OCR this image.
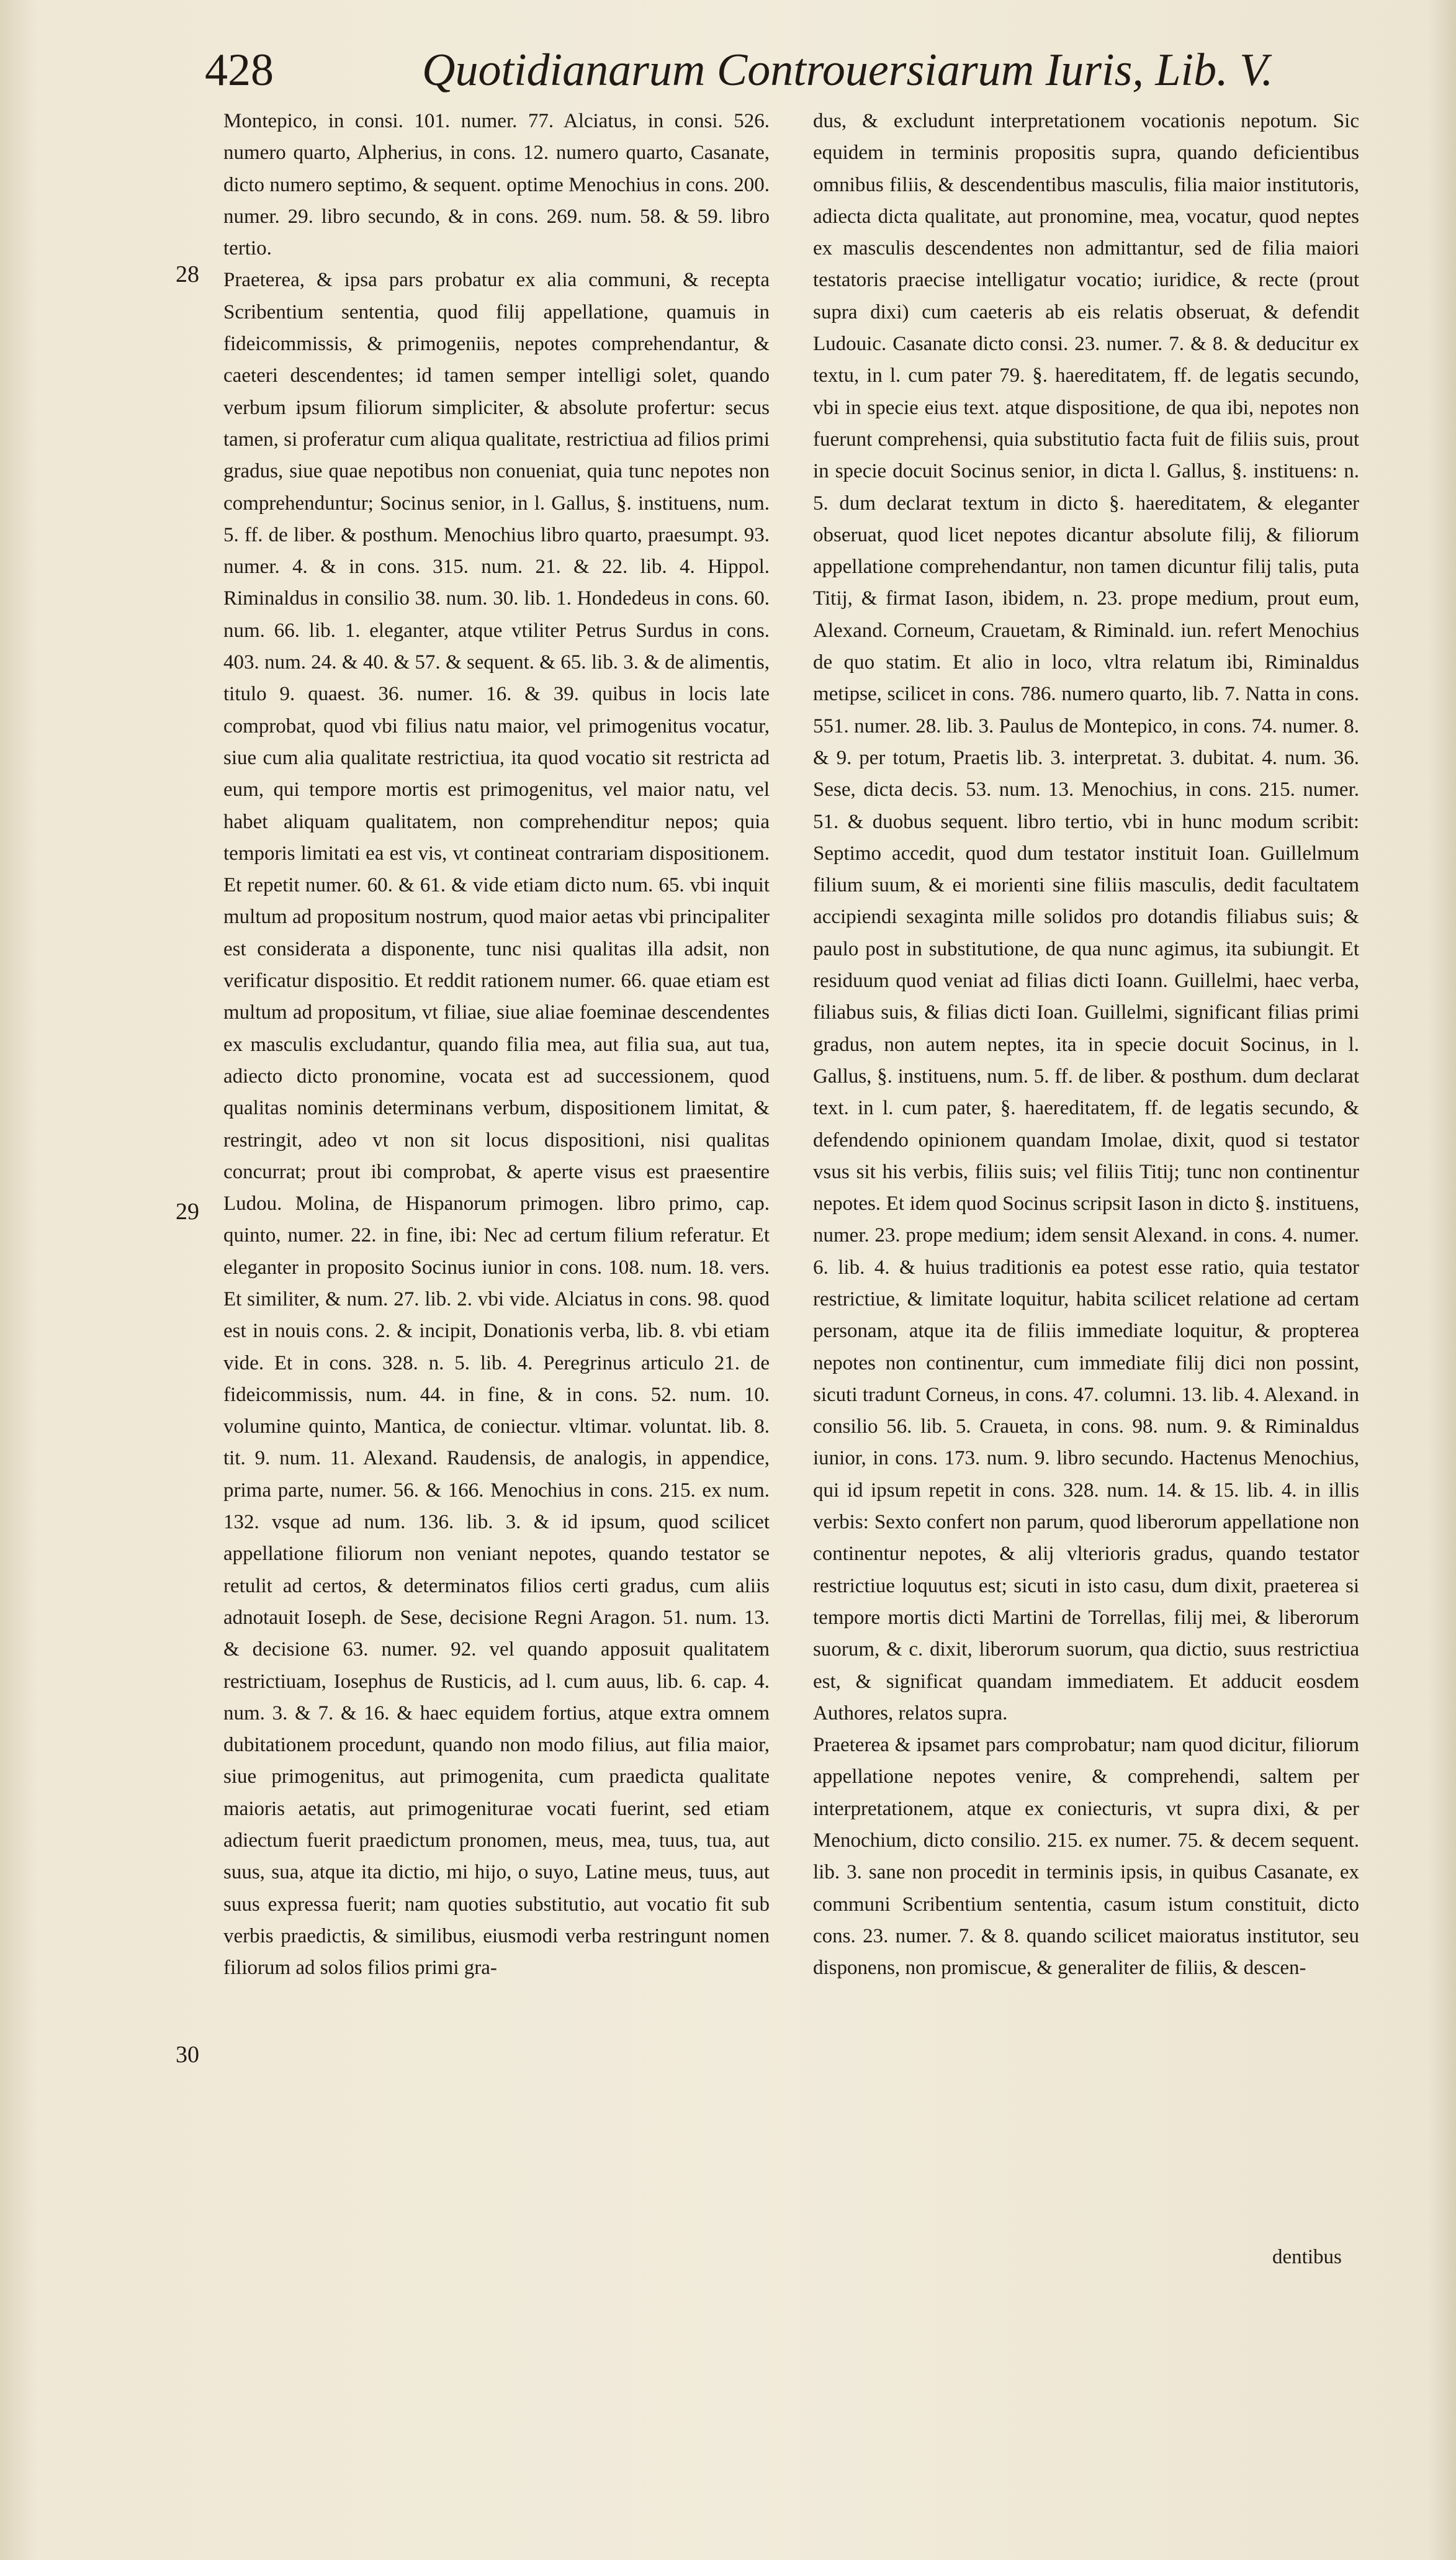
428	Quotidianarum Controuersiarum Iuris, Lib. V.
28
29
30

Montepico, in consi. 101. numer. 77. Alciatus, in consi. 526. numero quarto, Alpherius, in cons. 12. numero quarto, Casanate, dicto numero septimo, & sequent. optime Menochius in cons. 200. numer. 29. libro secundo, & in cons. 269. num. 58. & 59. libro tertio.

Praeterea, & ipsa pars probatur ex alia communi, & recepta Scribentium sententia, quod filij appellatione, quamuis in fideicommissis, & primogeniis, nepotes comprehendantur, & caeteri descendentes; id tamen semper intelligi solet, quando verbum ipsum filiorum simpliciter, & absolute profertur: secus tamen, si proferatur cum aliqua qualitate, restrictiua ad filios primi gradus, siue quae nepotibus non conueniat, quia tunc nepotes non comprehenduntur; Socinus senior, in l. Gallus, §. instituens, num. 5. ff. de liber. & posthum. Menochius libro quarto, praesumpt. 93. numer. 4. & in cons. 315. num. 21. & 22. lib. 4. Hippol. Riminaldus in consilio 38. num. 30. lib. 1. Hondedeus in cons. 60. num. 66. lib. 1. eleganter, atque vtiliter Petrus Surdus in cons. 403. num. 24. & 40. & 57. & sequent. & 65. lib. 3. & de alimentis, titulo 9. quaest. 36. numer. 16. & 39. quibus in locis late comprobat, quod vbi filius natu maior, vel primogenitus vocatur, siue cum alia qualitate restrictiua, ita quod vocatio sit restricta ad eum, qui tempore mortis est primogenitus, vel maior natu, vel habet aliquam qualitatem, non comprehenditur nepos; quia temporis limitati ea est vis, vt contineat contrariam dispositionem. Et repetit numer. 60. & 61. & vide etiam dicto num. 65. vbi inquit multum ad propositum nostrum, quod maior aetas vbi principaliter est considerata a disponente, tunc nisi qualitas illa adsit, non verificatur dispositio. Et reddit rationem numer. 66. quae etiam est multum ad propositum, vt filiae, siue aliae foeminae descendentes ex masculis excludantur, quando filia mea, aut filia sua, aut tua, adiecto dicto pronomine, vocata est ad successionem, quod qualitas nominis determinans verbum, dispositionem limitat, & restringit, adeo vt non sit locus dispositioni, nisi qualitas concurrat; prout ibi comprobat, & aperte visus est praesentire Ludou. Molina, de Hispanorum primogen. libro primo, cap. quinto, numer. 22. in fine, ibi: Nec ad certum filium referatur. Et eleganter in proposito Socinus iunior in cons. 108. num. 18. vers. Et similiter, & num. 27. lib. 2. vbi vide. Alciatus in cons. 98. quod est in nouis cons. 2. & incipit, Donationis verba, lib. 8. vbi etiam vide. Et in cons. 328. n. 5. lib. 4. Peregrinus articulo 21. de fideicommissis, num. 44. in fine, & in cons. 52. num. 10. volumine quinto, Mantica, de coniectur. vltimar. voluntat. lib. 8. tit. 9. num. 11. Alexand. Raudensis, de analogis, in appendice, prima parte, numer. 56. & 166. Menochius in cons. 215. ex num. 132. vsque ad num. 136. lib. 3. & id ipsum, quod scilicet appellatione filiorum non veniant nepotes, quando testator se retulit ad certos, & determinatos filios certi gradus, cum aliis adnotauit Ioseph. de Sese, decisione Regni Aragon. 51. num. 13. & decisione 63. numer. 92. vel quando apposuit qualitatem restrictiuam, Iosephus de Rusticis, ad l. cum auus, lib. 6. cap. 4. num. 3. & 7. & 16. & haec equidem fortius, atque extra omnem dubitationem procedunt, quando non modo filius, aut filia maior, siue primogenitus, aut primogenita, cum praedicta qualitate maioris aetatis, aut primogeniturae vocati fuerint, sed etiam adiectum fuerit praedictum pronomen, meus, mea, tuus, tua, aut suus, sua, atque ita dictio, mi hijo, o suyo, Latine meus, tuus, aut suus expressa fuerit; nam quoties substitutio, aut vocatio fit sub verbis praedictis, & similibus, eiusmodi verba restringunt nomen filiorum ad solos filios primi gra-

dus, & excludunt interpretationem vocationis nepotum. Sic equidem in terminis propositis supra, quando deficientibus omnibus filiis, & descendentibus masculis, filia maior institutoris, adiecta dicta qualitate, aut pronomine, mea, vocatur, quod neptes ex masculis descendentes non admittantur, sed de filia maiori testatoris praecise intelligatur vocatio; iuridice, & recte (prout supra dixi) cum caeteris ab eis relatis obseruat, & defendit Ludouic. Casanate dicto consi. 23. numer. 7. & 8. & deducitur ex textu, in l. cum pater 79. §. haereditatem, ff. de legatis secundo, vbi in specie eius text. atque dispositione, de qua ibi, nepotes non fuerunt comprehensi, quia substitutio facta fuit de filiis suis, prout in specie docuit Socinus senior, in dicta l. Gallus, §. instituens: n. 5. dum declarat textum in dicto §. haereditatem, & eleganter obseruat, quod licet nepotes dicantur absolute filij, & filiorum appellatione comprehendantur, non tamen dicuntur filij talis, puta Titij, & firmat Iason, ibidem, n. 23. prope medium, prout eum, Alexand. Corneum, Crauetam, & Riminald. iun. refert Menochius de quo statim. Et alio in loco, vltra relatum ibi, Riminaldus metipse, scilicet in cons. 786. numero quarto, lib. 7. Natta in cons. 551. numer. 28. lib. 3. Paulus de Montepico, in cons. 74. numer. 8. & 9. per totum, Praetis lib. 3. interpretat. 3. dubitat. 4. num. 36. Sese, dicta decis. 53. num. 13. Menochius, in cons. 215. numer. 51. & duobus sequent. libro tertio, vbi in hunc modum scribit: Septimo accedit, quod dum testator instituit Ioan. Guillelmum filium suum, & ei morienti sine filiis masculis, dedit facultatem accipiendi sexaginta mille solidos pro dotandis filiabus suis; & paulo post in substitutione, de qua nunc agimus, ita subiungit. Et residuum quod veniat ad filias dicti Ioann. Guillelmi, haec verba, filiabus suis, & filias dicti Ioan. Guillelmi, significant filias primi gradus, non autem neptes, ita in specie docuit Socinus, in l. Gallus, §. instituens, num. 5. ff. de liber. & posthum. dum declarat text. in l. cum pater, §. haereditatem, ff. de legatis secundo, & defendendo opinionem quandam Imolae, dixit, quod si testator vsus sit his verbis, filiis suis; vel filiis Titij; tunc non continentur nepotes. Et idem quod Socinus scripsit Iason in dicto §. instituens, numer. 23. prope medium; idem sensit Alexand. in cons. 4. numer. 6. lib. 4. & huius traditionis ea potest esse ratio, quia testator restrictiue, & limitate loquitur, habita scilicet relatione ad certam personam, atque ita de filiis immediate loquitur, & propterea nepotes non continentur, cum immediate filij dici non possint, sicuti tradunt Corneus, in cons. 47. columni. 13. lib. 4. Alexand. in consilio 56. lib. 5. Craueta, in cons. 98. num. 9. & Riminaldus iunior, in cons. 173. num. 9. libro secundo. Hactenus Menochius, qui id ipsum repetit in cons. 328. num. 14. & 15. lib. 4. in illis verbis: Sexto confert non parum, quod liberorum appellatione non continentur nepotes, & alij vlterioris gradus, quando testator restrictiue loquutus est; sicuti in isto casu, dum dixit, praeterea si tempore mortis dicti Martini de Torrellas, filij mei, & liberorum suorum, & c. dixit, liberorum suorum, qua dictio, suus restrictiua est, & significat quandam immediatem. Et adducit eosdem Authores, relatos supra.

Praeterea & ipsamet pars comprobatur; nam quod dicitur, filiorum appellatione nepotes venire, & comprehendi, saltem per interpretationem, atque ex coniecturis, vt supra dixi, & per Menochium, dicto consilio. 215. ex numer. 75. & decem sequent. lib. 3. sane non procedit in terminis ipsis, in quibus Casanate, ex communi Scribentium sententia, casum istum constituit, dicto cons. 23. numer. 7. & 8. quando scilicet maioratus institutor, seu disponens, non promiscue, & generaliter de filiis, & descen-

dentibus
